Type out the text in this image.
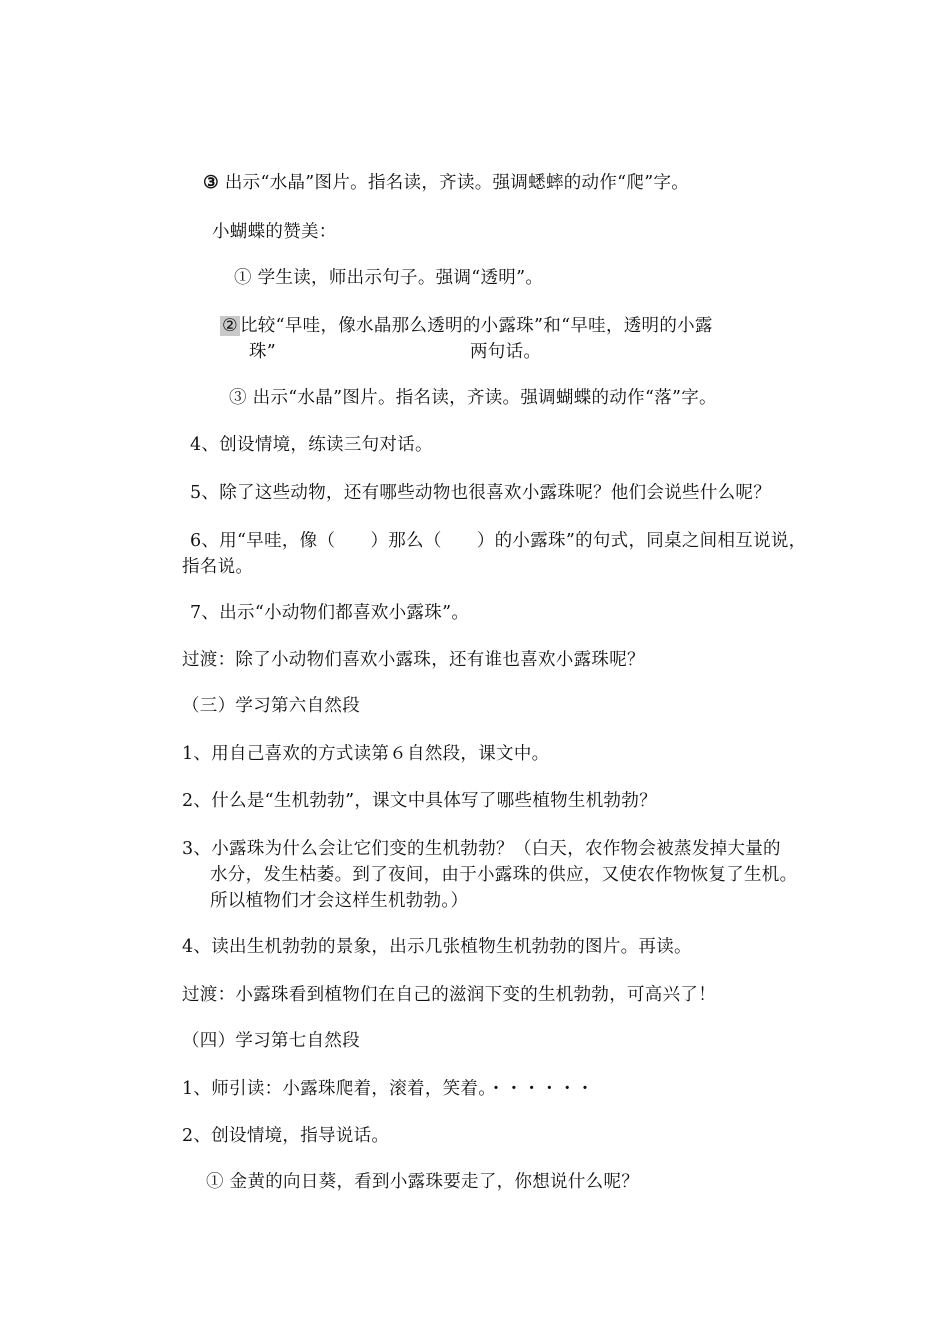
③ 出示“水晶”图片。指名读，齐读。强调蟋蟀的动作“爬”字。
小蝴蝶的赞美：
① 学生读，师出示句子。强调“透明”。
② 比较“早哇，像水晶那么透明的小露珠”和“早哇，透明的小露
珠”	两句话。
③ 出示“水晶”图片。指名读，齐读。强调蝴蝶的动作“落”字。
4、创设情境，练读三句对话。
5、除了这些动物，还有哪些动物也很喜欢小露珠呢？他们会说些什么呢？
6、用“早哇，像（      ）那么（      ）的小露珠”的句式，同桌之间相互说说，
指名说。
7、出示“小动物们都喜欢小露珠”。
过渡：除了小动物们喜欢小露珠，还有谁也喜欢小露珠呢？
（三）学习第六自然段
1、用自己喜欢的方式读第６自然段，课文中。
2、什么是“生机勃勃”，课文中具体写了哪些植物生机勃勃？
3、小露珠为什么会让它们变的生机勃勃？（白天，农作物会被蒸发掉大量的
水分，发生枯萎。到了夜间，由于小露珠的供应，又使农作物恢复了生机。
所以植物们才会这样生机勃勃。）
4、读出生机勃勃的景象，出示几张植物生机勃勃的图片。再读。
过渡：小露珠看到植物们在自己的滋润下变的生机勃勃，可高兴了！
（四）学习第七自然段
1、师引读：小露珠爬着，滚着，笑着。・・・・・・
2、创设情境，指导说话。
① 金黄的向日葵，看到小露珠要走了，你想说什么呢？
